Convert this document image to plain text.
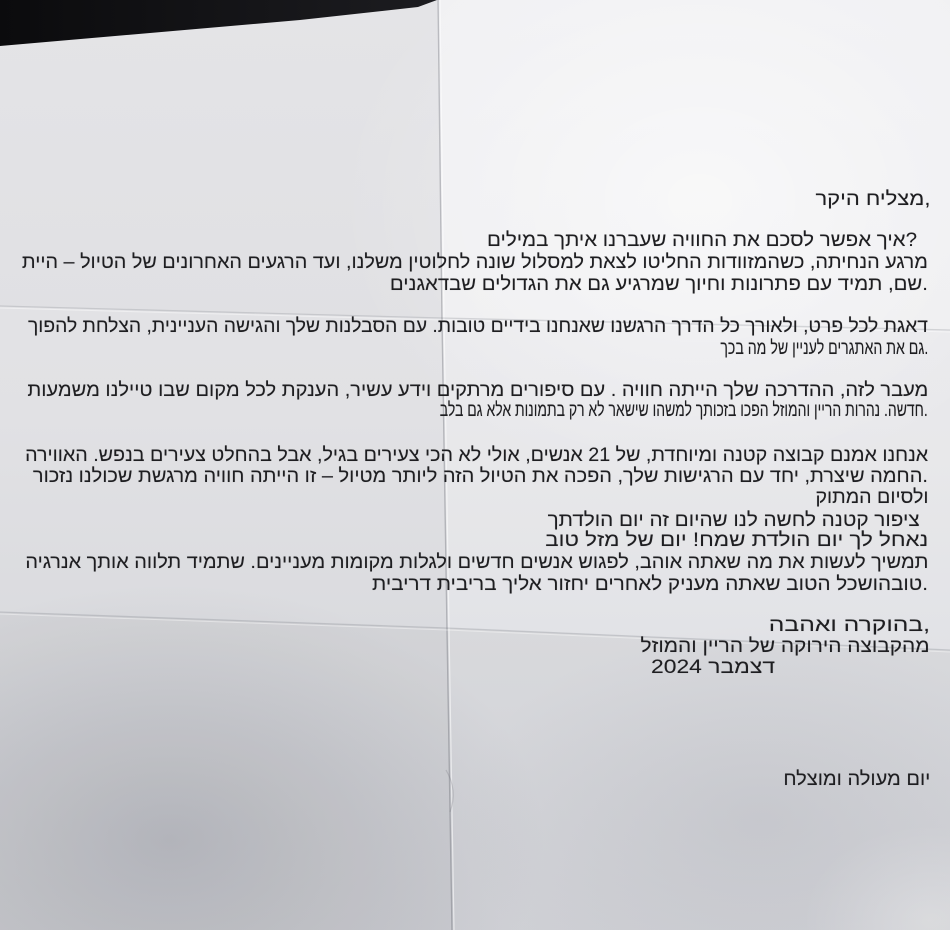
,מצליח היקר
?איך אפשר לסכם את החוויה שעברנו איתך במילים
מרגע הנחיתה, כשהמזוודות החליטו לצאת למסלול שונה לחלוטין משלנו, ועד הרגעים האחרונים של הטיול – היית
.שם, תמיד עם פתרונות וחיוך שמרגיע גם את הגדולים שבדאגנים
דאגת לכל פרט, ולאורך כל הדרך הרגשנו שאנחנו בידיים טובות. עם הסבלנות שלך והגישה העניינית, הצלחת להפוך
.גם את האתגרים לעניין של מה בכך
מעבר לזה, ההדרכה שלך הייתה חוויה . עם סיפורים מרתקים וידע עשיר, הענקת לכל מקום שבו טיילנו משמעות
.חדשה. נהרות הריין והמוזל הפכו בזכותך למשהו שישאר לא רק בתמונות אלא גם בלב
אנחנו אמנם קבוצה קטנה ומיוחדת, של 21 אנשים, אולי לא הכי צעירים בגיל, אבל בהחלט צעירים בנפש. האווירה
.החמה שיצרת, יחד עם הרגישות שלך, הפכה את הטיול הזה ליותר מטיול – זו הייתה חוויה מרגשת שכולנו נזכור
ולסיום המתוק
ציפור קטנה לחשה לנו שהיום זה יום הולדתך
נאחל לך יום הולדת שמח! יום של מזל טוב
תמשיך לעשות את מה שאתה אוהב, לפגוש אנשים חדשים ולגלות מקומות מעניינים. שתמיד תלווה אותך אנרגיה
.טובהושכל הטוב שאתה מעניק לאחרים יחזור אליך בריבית דריבית
,בהוקרה ואהבה
מהקבוצה הירוקה של הריין והמוזל
דצמבר 2024
יום מעולה ומוצלח
